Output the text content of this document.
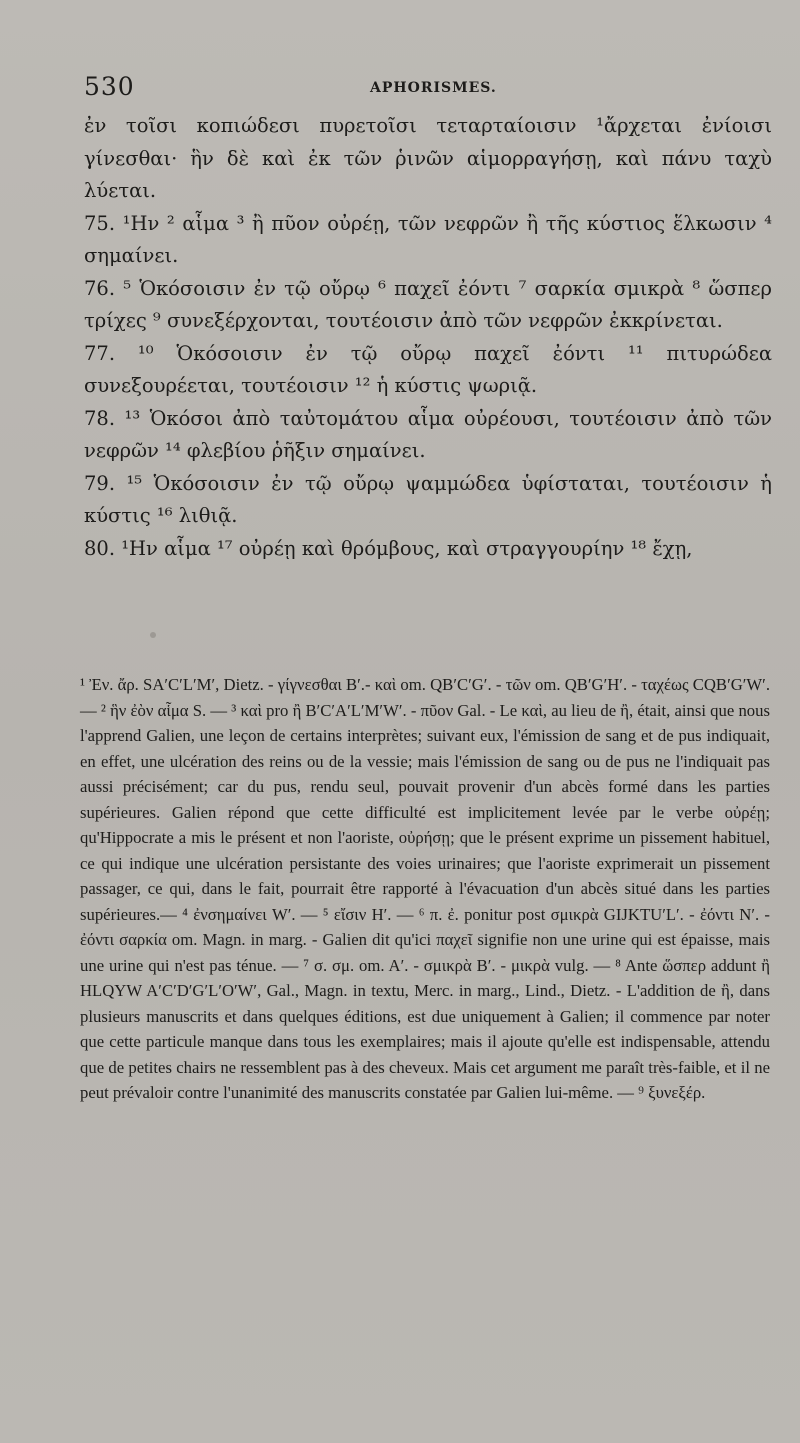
530	APHORISMES.

ἐν τοῖσι κοπιώδεσι πυρετοῖσι τεταρταίοισιν ¹ἄρχεται ἐνίοισι γίνεσθαι· ἣν δὲ καὶ ἐκ τῶν ῥινῶν αἱμορραγήσῃ, καὶ πάνυ ταχὺ λύεται.

75. ¹Ην ² αἷμα ³ ἢ πῦον οὐρέῃ, τῶν νεφρῶν ἢ τῆς κύστιος ἕλκωσιν ⁴ σημαίνει.

76. ⁵ Ὁκόσοισιν ἐν τῷ οὔρῳ ⁶ παχεῖ ἐόντι ⁷ σαρκία σμικρὰ ⁸ ὥσπερ τρίχες ⁹ συνεξέρχονται, τουτέοισιν ἀπὸ τῶν νεφρῶν ἐκκρίνεται.

77. ¹⁰ Ὁκόσοισιν ἐν τῷ οὔρῳ παχεῖ ἐόντι ¹¹ πιτυρώδεα συνεξουρέεται, τουτέοισιν ¹² ἡ κύστις ψωριᾷ.

78. ¹³ Ὁκόσοι ἀπὸ ταὐτομάτου αἷμα οὐρέουσι, τουτέοισιν ἀπὸ τῶν νεφρῶν ¹⁴ φλεβίου ῥῆξιν σημαίνει.

79. ¹⁵ Ὁκόσοισιν ἐν τῷ οὔρῳ ψαμμώδεα ὑφίσταται, τουτέοισιν ἡ κύστις ¹⁶ λιθιᾷ.

80. ¹Ην αἷμα ¹⁷ οὐρέῃ καὶ θρόμβους, καὶ στραγγουρίην ¹⁸ ἔχῃ,

¹ Ἐν. ἄρ. SA′C′L′M′, Dietz. - γίγνεσθαι B′.- καὶ om. QB′C′G′. - τῶν om. QB′G′H′. - ταχέως CQB′G′W′. — ² ἣν ἐὸν αἷμα S. — ³ καὶ pro ἢ B′C′A′L′M′W′. - πῦον Gal. - Le καὶ, au lieu de ἢ, était, ainsi que nous l'apprend Galien, une leçon de certains interprètes; suivant eux, l'émission de sang et de pus indiquait, en effet, une ulcération des reins ou de la vessie; mais l'émission de sang ou de pus ne l'indiquait pas aussi précisément; car du pus, rendu seul, pouvait provenir d'un abcès formé dans les parties supérieures. Galien répond que cette difficulté est implicitement levée par le verbe οὐρέῃ; qu'Hippocrate a mis le présent et non l'aoriste, οὐρήσῃ; que le présent exprime un pissement habituel, ce qui indique une ulcération persistante des voies urinaires; que l'aoriste exprimerait un pissement passager, ce qui, dans le fait, pourrait être rapporté à l'évacuation d'un abcès situé dans les parties supérieures.— ⁴ ἐνσημαίνει W′. — ⁵ εἴσιν H′. — ⁶ π. ἐ. ponitur post σμικρὰ GIJKTU′L′. - ἐόντι N′. - ἐόντι σαρκία om. Magn. in marg. - Galien dit qu'ici παχεῖ signifie non une urine qui est épaisse, mais une urine qui n'est pas ténue. — ⁷ σ. σμ. om. A′. - σμικρὰ B′. - μικρὰ vulg. — ⁸ Ante ὥσπερ addunt ἢ HLQYW A′C′D′G′L′O′W′, Gal., Magn. in textu, Merc. in marg., Lind., Dietz. - L'addition de ἢ, dans plusieurs manuscrits et dans quelques éditions, est due uniquement à Galien; il commence par noter que cette particule manque dans tous les exemplaires; mais il ajoute qu'elle est indispensable, attendu que de petites chairs ne ressemblent pas à des cheveux. Mais cet argument me paraît très-faible, et il ne peut prévaloir contre l'unanimité des manuscrits constatée par Galien lui-même. — ⁹ ξυνεξέρ.
